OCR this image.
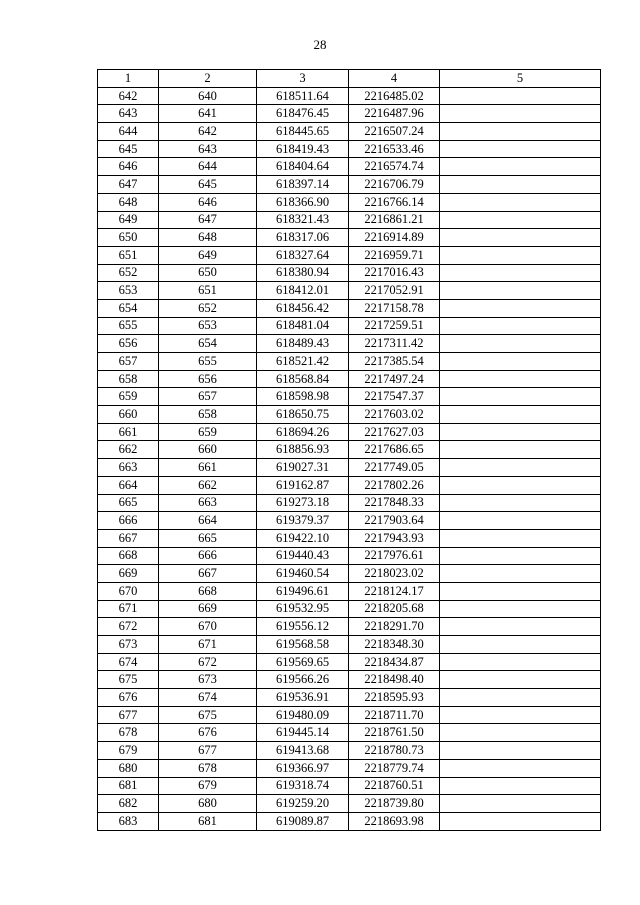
28
1	2	3	4	5
642	640	618511.64	2216485.02	
643	641	618476.45	2216487.96	
644	642	618445.65	2216507.24	
645	643	618419.43	2216533.46	
646	644	618404.64	2216574.74	
647	645	618397.14	2216706.79	
648	646	618366.90	2216766.14	
649	647	618321.43	2216861.21	
650	648	618317.06	2216914.89	
651	649	618327.64	2216959.71	
652	650	618380.94	2217016.43	
653	651	618412.01	2217052.91	
654	652	618456.42	2217158.78	
655	653	618481.04	2217259.51	
656	654	618489.43	2217311.42	
657	655	618521.42	2217385.54	
658	656	618568.84	2217497.24	
659	657	618598.98	2217547.37	
660	658	618650.75	2217603.02	
661	659	618694.26	2217627.03	
662	660	618856.93	2217686.65	
663	661	619027.31	2217749.05	
664	662	619162.87	2217802.26	
665	663	619273.18	2217848.33	
666	664	619379.37	2217903.64	
667	665	619422.10	2217943.93	
668	666	619440.43	2217976.61	
669	667	619460.54	2218023.02	
670	668	619496.61	2218124.17	
671	669	619532.95	2218205.68	
672	670	619556.12	2218291.70	
673	671	619568.58	2218348.30	
674	672	619569.65	2218434.87	
675	673	619566.26	2218498.40	
676	674	619536.91	2218595.93	
677	675	619480.09	2218711.70	
678	676	619445.14	2218761.50	
679	677	619413.68	2218780.73	
680	678	619366.97	2218779.74	
681	679	619318.74	2218760.51	
682	680	619259.20	2218739.80	
683	681	619089.87	2218693.98	
